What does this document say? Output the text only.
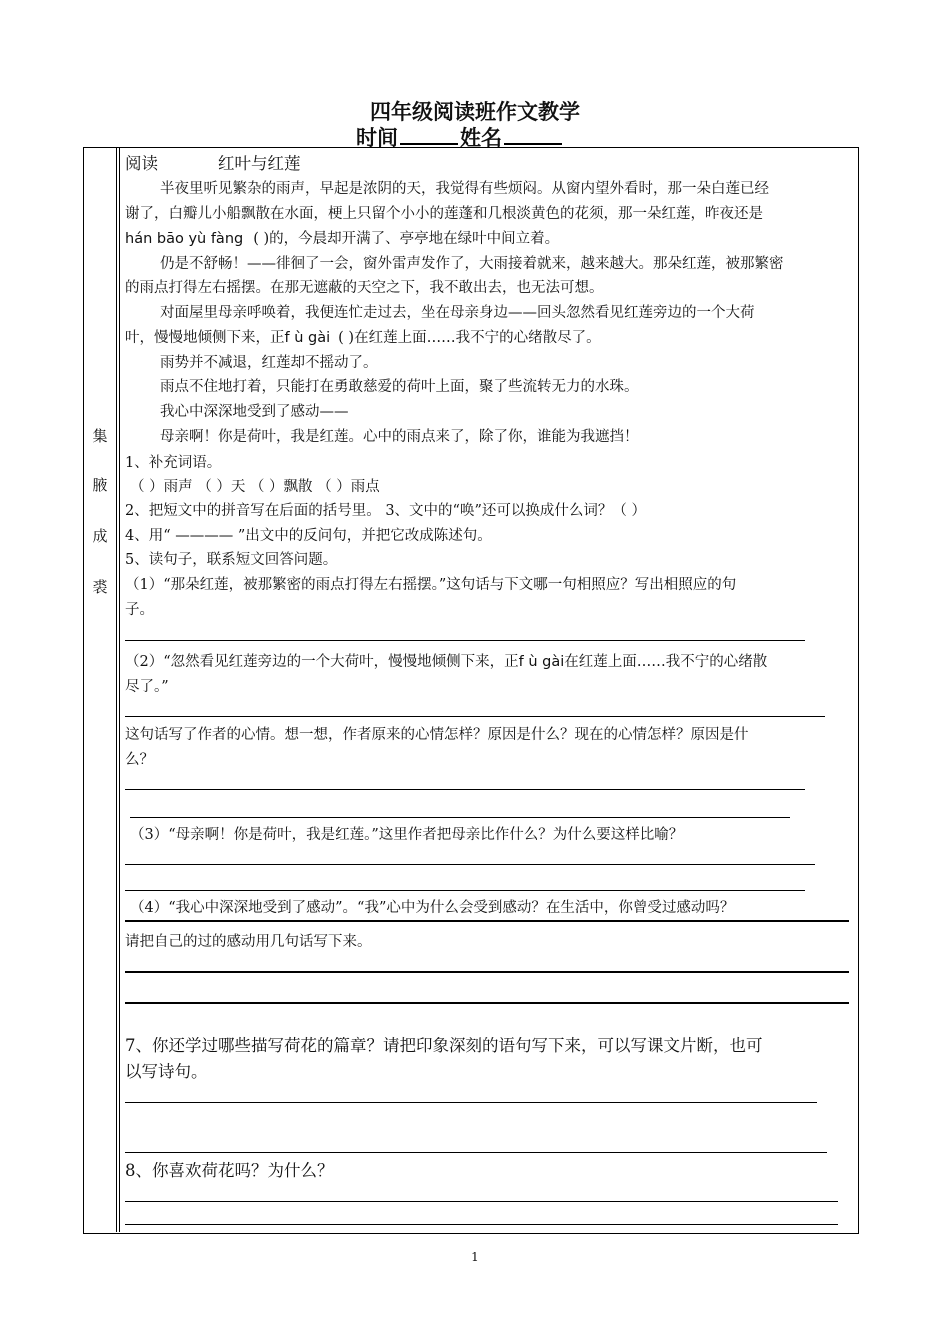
四年级阅读班作文教学
时间	姓名
集
腋
成
裘
阅读	红叶与红莲
半夜里听见繁杂的雨声，早起是浓阴的天，我觉得有些烦闷。从窗内望外看时，那一朵白莲已经
谢了，白瓣儿小船飘散在水面，梗上只留个小小的莲蓬和几根淡黄色的花须，那一朵红莲，昨夜还是
hán bāo yù fàng ( )的，今晨却开满了、亭亭地在绿叶中间立着。
仍是不舒畅！——徘徊了一会，窗外雷声发作了，大雨接着就来，越来越大。那朵红莲，被那繁密
的雨点打得左右摇摆。在那无遮蔽的天空之下，我不敢出去，也无法可想。
对面屋里母亲呼唤着，我便连忙走过去，坐在母亲身边——回头忽然看见红莲旁边的一个大荷
叶，慢慢地倾侧下来，正f ù gài ( )在红莲上面……我不宁的心绪散尽了。
雨势并不减退，红莲却不摇动了。
雨点不住地打着，只能打在勇敢慈爱的荷叶上面，聚了些流转无力的水珠。
我心中深深地受到了感动——
母亲啊！你是荷叶，我是红莲。心中的雨点来了，除了你，谁能为我遮挡！
1、补充词语。
（ ）雨声 （ ）天 （ ）飘散 （ ）雨点
2、把短文中的拼音写在后面的括号里。 3、文中的“唤”还可以换成什么词？（ ）
4、用“ ———— ”出文中的反问句，并把它改成陈述句。
5、读句子，联系短文回答问题。
（1）“那朵红莲，被那繁密的雨点打得左右摇摆。”这句话与下文哪一句相照应？写出相照应的句
子。
（2）“忽然看见红莲旁边的一个大荷叶，慢慢地倾侧下来，正f ù gài在红莲上面……我不宁的心绪散
尽了。”
这句话写了作者的心情。想一想，作者原来的心情怎样？原因是什么？现在的心情怎样？原因是什
么？
（3）“母亲啊！你是荷叶，我是红莲。”这里作者把母亲比作什么？为什么要这样比喻？
（4）“我心中深深地受到了感动”。“我”心中为什么会受到感动？在生活中，你曾受过感动吗？
请把自己的过的感动用几句话写下来。
7、你还学过哪些描写荷花的篇章？请把印象深刻的语句写下来，可以写课文片断，也可
以写诗句。
8、你喜欢荷花吗？为什么？
1
